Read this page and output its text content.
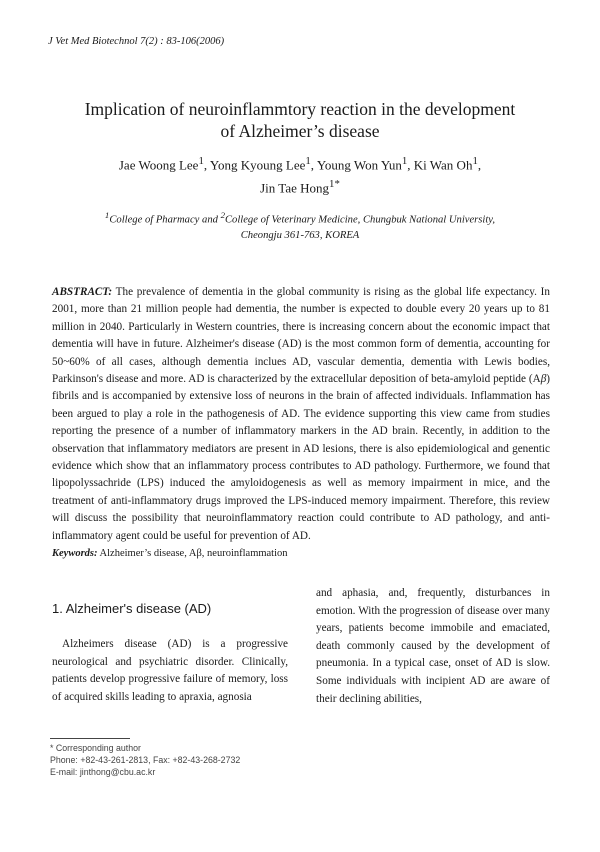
J Vet Med Biotechnol 7(2) : 83-106(2006)
Implication of neuroinflammtory reaction in the development
of Alzheimer’s disease
Jae Woong Lee$^1$, Yong Kyoung Lee$^1$, Young Won Yun$^1$, Ki Wan Oh$^1$,
Jin Tae Hong$^{1*}$
$^1$College of Pharmacy and $^2$College of Veterinary Medicine, Chungbuk National University,
Cheongju 361-763, KOREA
ABSTRACT: The prevalence of dementia in the global community is rising as the global life expectancy. In 2001, more than 21 million people had dementia, the number is expected to double every 20 years up to 81 million in 2040. Particularly in Western countries, there is increasing concern about the economic impact that dementia will have in future. Alzheimer's disease (AD) is the most common form of dementia, accounting for 50~60% of all cases, although dementia inclues AD, vascular dementia, dementia with Lewis bodies, Parkinson's disease and more. AD is characterized by the extracellular deposition of beta-amyloid peptide (Aβ) fibrils and is accompanied by extensive loss of neurons in the brain of affected individuals. Inflammation has been argued to play a role in the pathogenesis of AD. The evidence supporting this view came from studies reporting the presence of a number of inflammatory markers in the AD brain. Recently, in addition to the observation that inflammatory mediators are present in AD lesions, there is also epidemiological and genentic evidence which show that an inflammatory process contributes to AD pathology. Furthermore, we found that lipopolyssachride (LPS) induced the amyloidogenesis as well as memory impairment in mice, and the treatment of anti-inflammatory drugs improved the LPS-induced memory impairment. Therefore, this review will discuss the possibility that neuroinflammatory reaction could contribute to AD pathology, and anti-inflammatory agent could be useful for prevention of AD.
Keywords: Alzheimer’s disease, Aβ, neuroinflammation
1. Alzheimer's disease (AD)

Alzheimers disease (AD) is a progressive neurological and psychiatric disorder. Clinically, patients develop progressive failure of memory, loss of acquired skills leading to apraxia, agnosia

and aphasia, and, frequently, disturbances in emotion. With the progression of disease over many years, patients become immobile and emaciated, death commonly caused by the development of pneumonia. In a typical case, onset of AD is slow. Some individuals with incipient AD are aware of their declining abilities,

* Corresponding author
Phone: +82-43-261-2813, Fax: +82-43-268-2732
E-mail: jinthong@cbu.ac.kr
